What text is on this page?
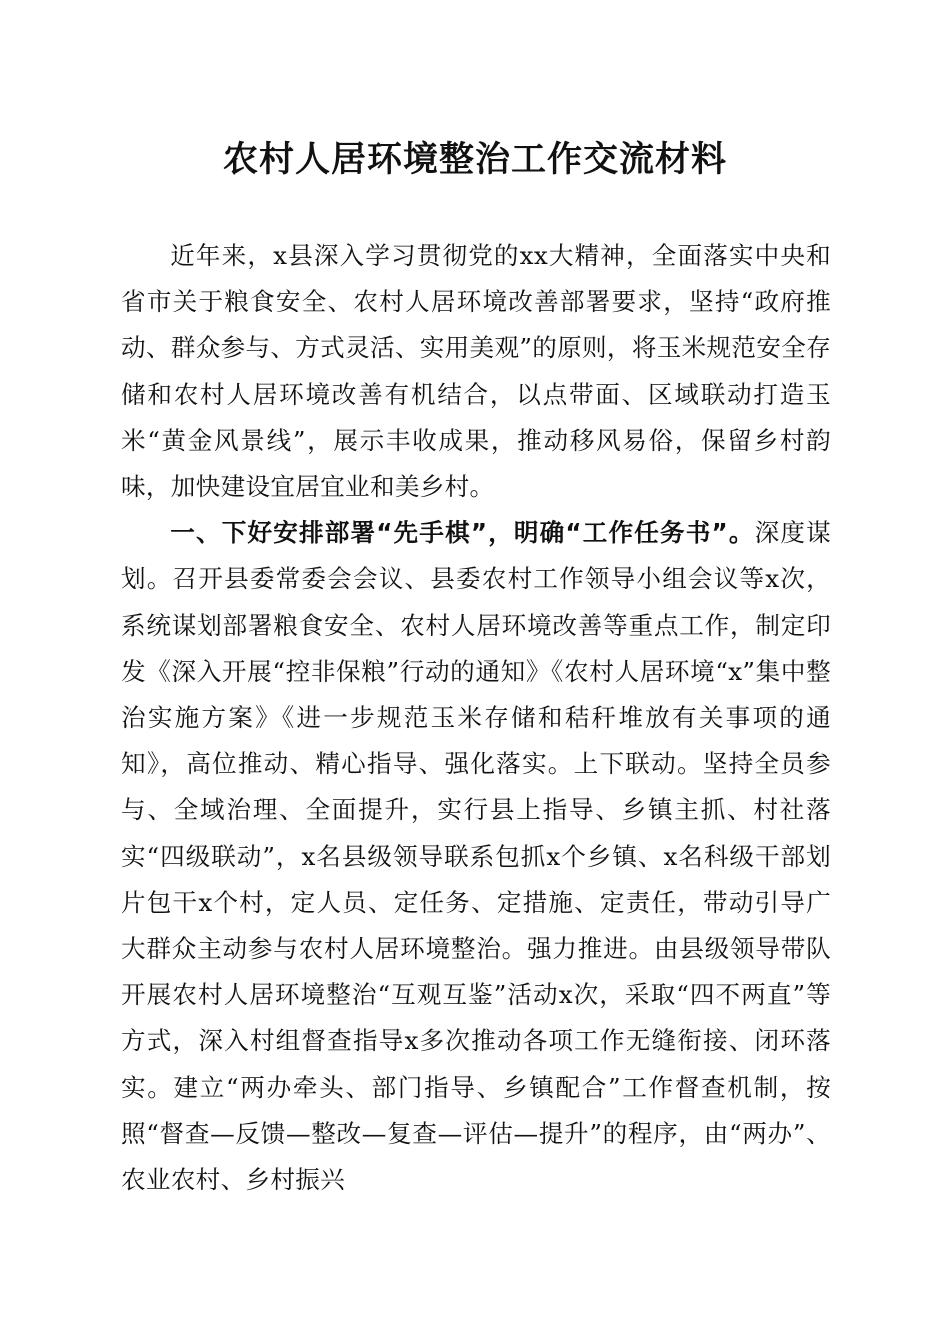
农村人居环境整治工作交流材料

近年来，x县深入学习贯彻党的xx大精神，全面落实中央和省市关于粮食安全、农村人居环境改善部署要求，坚持“政府推动、群众参与、方式灵活、实用美观”的原则，将玉米规范安全存储和农村人居环境改善有机结合，以点带面、区域联动打造玉米“黄金风景线”，展示丰收成果，推动移风易俗，保留乡村韵味，加快建设宜居宜业和美乡村。

一、下好安排部署“先手棋”，明确“工作任务书”。深度谋划。召开县委常委会会议、县委农村工作领导小组会议等x次，系统谋划部署粮食安全、农村人居环境改善等重点工作，制定印发《深入开展“控非保粮”行动的通知》《农村人居环境“x”集中整治实施方案》《进一步规范玉米存储和秸秆堆放有关事项的通知》，高位推动、精心指导、强化落实。上下联动。坚持全员参与、全域治理、全面提升，实行县上指导、乡镇主抓、村社落实“四级联动”，x名县级领导联系包抓x个乡镇、x名科级干部划片包干x个村，定人员、定任务、定措施、定责任，带动引导广大群众主动参与农村人居环境整治。强力推进。由县级领导带队开展农村人居环境整治“互观互鉴”活动x次，采取“四不两直”等方式，深入村组督查指导x多次推动各项工作无缝衔接、闭环落实。建立“两办牵头、部门指导、乡镇配合”工作督查机制，按照“督查—反馈—整改—复查—评估—提升”的程序，由“两办”、农业农村、乡村振兴
